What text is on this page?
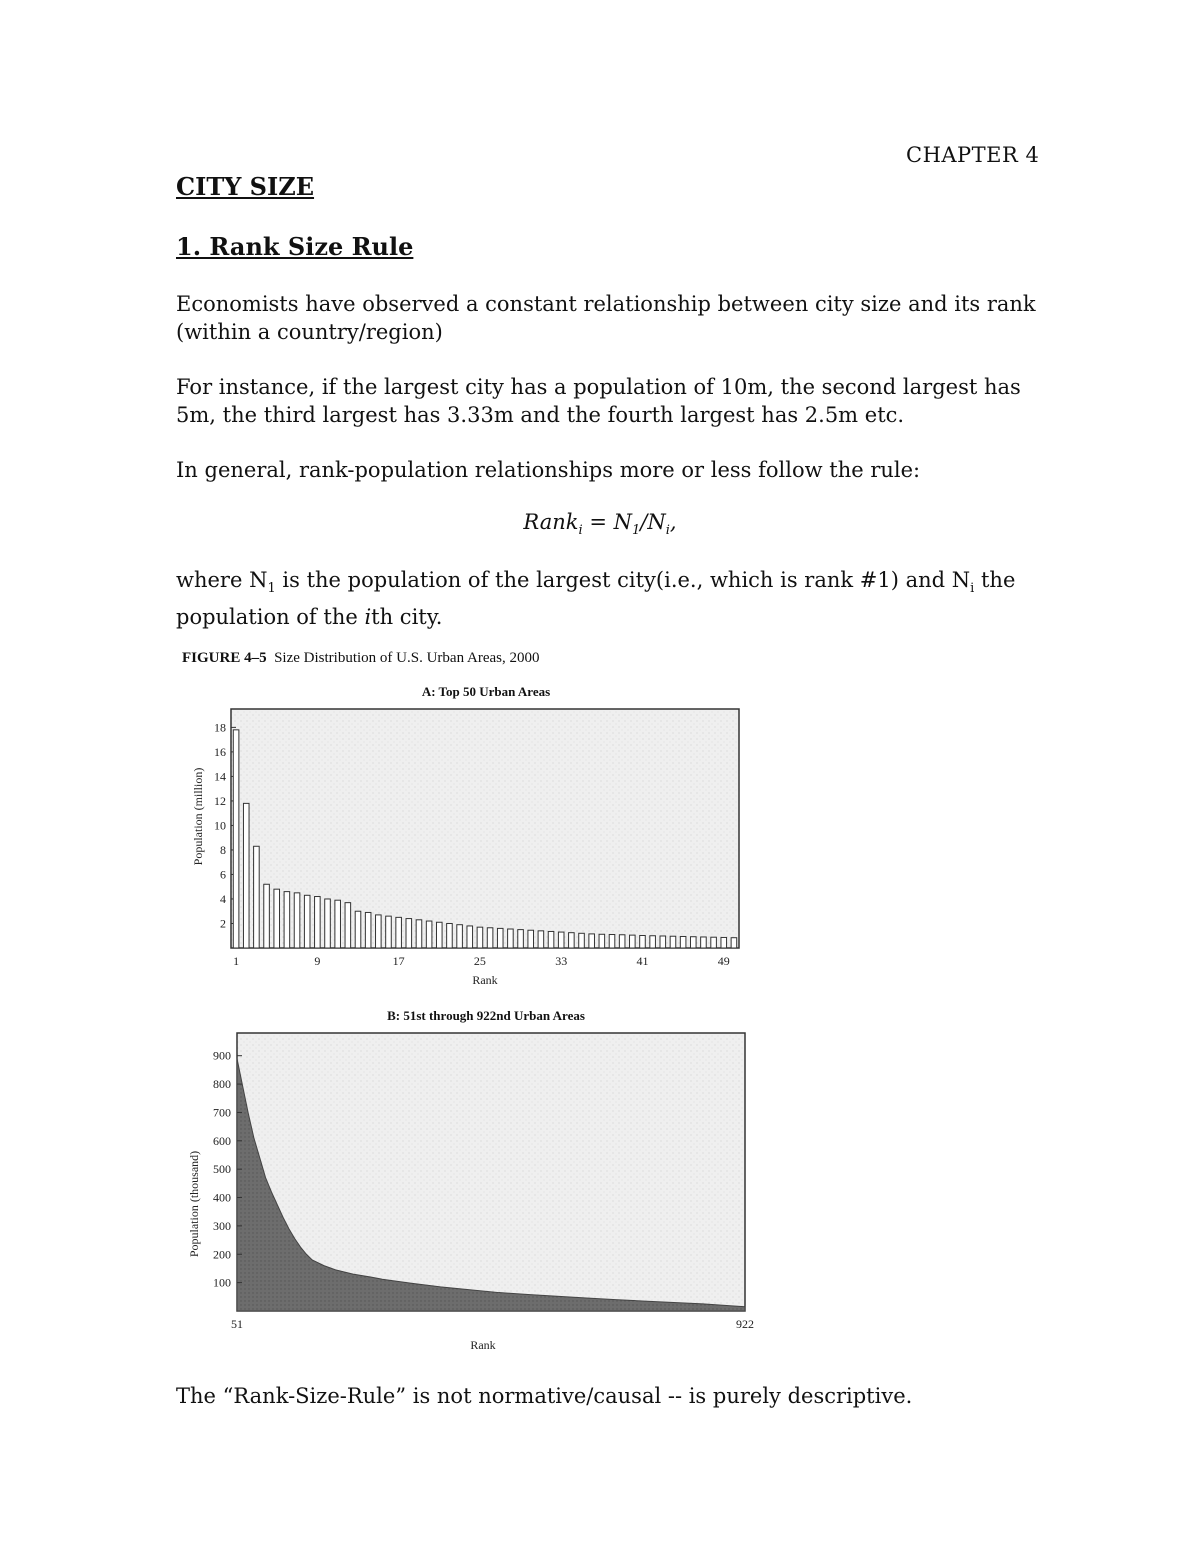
CHAPTER 4
CITY SIZE
1. Rank Size Rule
Economists have observed a constant relationship between city size and its rank (within a country/region)
For instance, if the largest city has a population of 10m, the second largest has 5m, the third largest has 3.33m and the fourth largest has 2.5m etc.
In general, rank-population relationships more or less follow the rule:
Rank$_i$ = $N_1/N_i$,
where $N_1$ is the population of the largest city(i.e., which is rank #1) and $N_i$ the population of the ith city.
FIGURE 4–5 Size Distribution of U.S. Urban Areas, 2000
A: Top 50 Urban Areas
2
4
6
8
10
12
14
16
18
1	9	17	25	33	41	49
Rank
Population (million)
100
200
300
400
500
600
700
800
900
51	922
Rank
Population (thousand)
B: 51st through 922nd Urban Areas
The “Rank-Size-Rule” is not normative/causal -- is purely descriptive.
